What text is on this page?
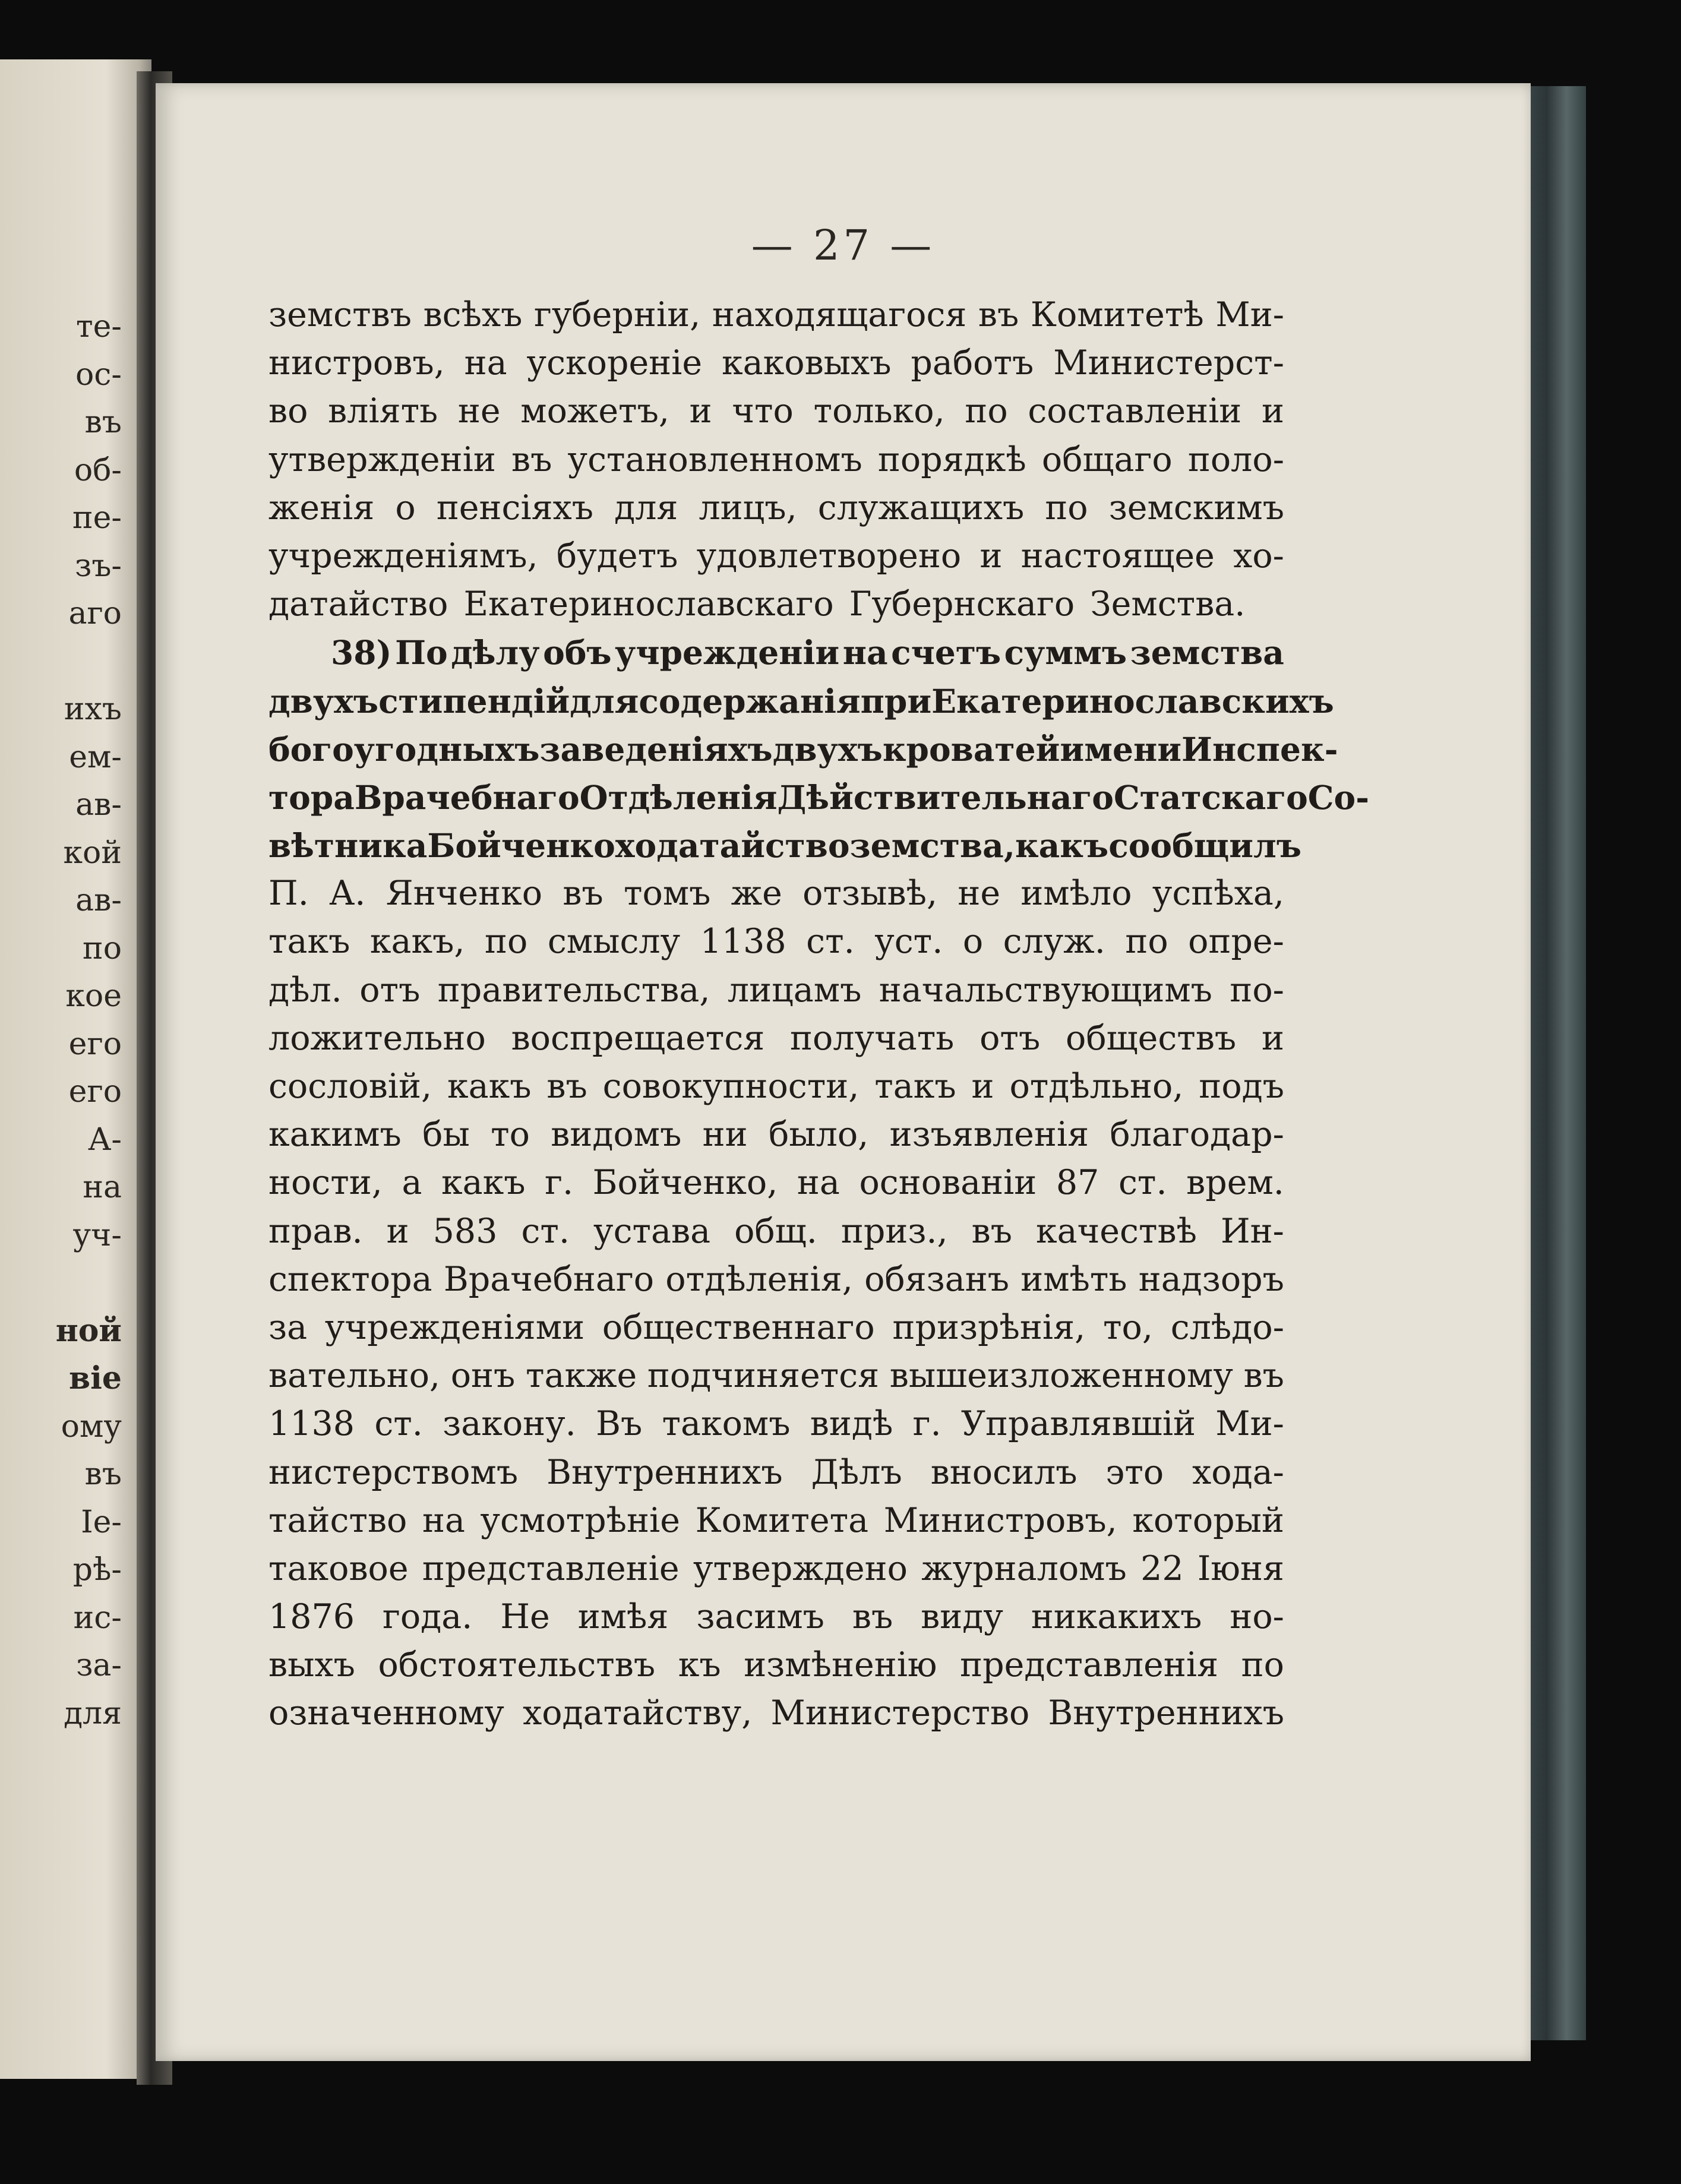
те-
ос-
въ
об-
пе-
зъ-
аго
ихъ
ем-
ав-
кой
ав-
по
кое
его
его
А-
на
уч-
ной
віе
ому
въ
Іе-
рѣ-
ис-
за-
для
— 27 —
земствъ всѣхъ губерніи, находящагося въ Комитетѣ Ми-
нистровъ, на ускореніе каковыхъ работъ Министерст-
во вліять не можетъ, и что только, по составленіи и
утвержденіи въ установленномъ порядкѣ общаго поло-
женія о пенсіяхъ для лицъ, служащихъ по земскимъ
учрежденіямъ, будетъ удовлетворено и настоящее хо-
датайство Екатеринославскаго Губернскаго Земства.
38) По дѣлу объ учрежденіи на счетъ суммъ земства
двухъ стипендій для содержанія при Екатеринославскихъ
богоугодныхъ заведеніяхъ двухъ кроватей имени Инспек-
тора Врачебнаго Отдѣленія Дѣйствительнаго Статскаго Со-
вѣтника Бойченко ходатайство земства, какъ сообщилъ
П. А. Янченко въ томъ же отзывѣ, не имѣло успѣха,
такъ какъ, по смыслу 1138 ст. уст. о служ. по опре-
дѣл. отъ правительства, лицамъ начальствующимъ по-
ложительно воспрещается получать отъ обществъ и
сословій, какъ въ совокупности, такъ и отдѣльно, подъ
какимъ бы то видомъ ни было, изъявленія благодар-
ности, а какъ г. Бойченко, на основаніи 87 ст. врем.
прав. и 583 ст. устава общ. приз., въ качествѣ Ин-
спектора Врачебнаго отдѣленія, обязанъ имѣть надзоръ
за учрежденіями общественнаго призрѣнія, то, слѣдо-
вательно, онъ также подчиняется вышеизложенному въ
1138 ст. закону. Въ такомъ видѣ г. Управлявшій Ми-
нистерствомъ Внутреннихъ Дѣлъ вносилъ это хода-
тайство на усмотрѣніе Комитета Министровъ, который
таковое представленіе утверждено журналомъ 22 Іюня
1876 года. Не имѣя засимъ въ виду никакихъ но-
выхъ обстоятельствъ къ измѣненію представленія по
означенному ходатайству, Министерство Внутреннихъ
